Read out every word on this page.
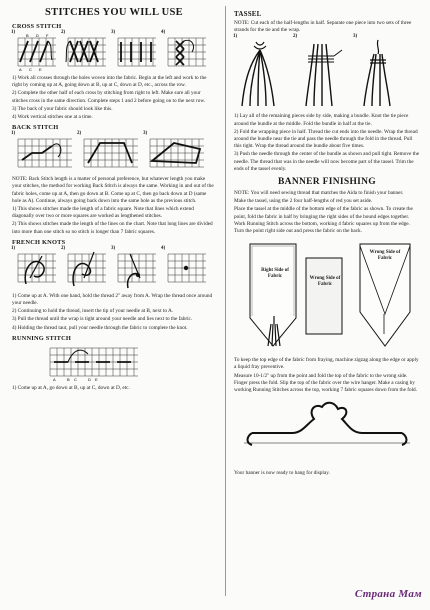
STITCHES YOU WILL USE
CROSS STITCH
1)
A C E
B D F
2)	3)	4)

1) Work all crosses through the holes woven into the fabric. Begin at the left and work to the right by coming up at A, going down at B, up at C, down at D, etc., across the row.

2) Complete the other half of each cross by stitching from right to left. Make sure all your stitches cross in the same direction. Complete steps 1 and 2 before going on to the next row.

3) The back of your fabric should look like this.

4) Work vertical stitches one at a time.

BACK STITCH
1)	2)	3)

NOTE: Back Stitch length is a matter of personal preference, but whatever length you make your stitches, the method for working Back Stitch is always the same. Working in and out of the fabric holes, come up at A, then go down at B. Come up at C, then go back down at D (same hole as A). Continue, always going back down into the same hole as the previous stitch.

1) This shows stitches made the length of a fabric square. Note that lines which extend diagonally over two or more squares are worked as lengthened stitches.

2) This shows stitches made the length of the lines on the chart. Note that long lines are divided into more than one stitch so no stitch is longer than 7 fabric squares.

FRENCH KNOTS
1)	2)	3)	4)

1) Come up at A. With one hand, hold the thread 2" away from A. Wrap the thread once around your needle.

2) Continuing to hold the thread, insert the tip of your needle at B, next to A.

3) Pull the thread until the wrap is tight around your needle and lies next to the fabric.

4) Holding the thread taut, pull your needle through the fabric to complete the knot.

RUNNING STITCH
A	B C	D E

1) Come up at A, go down at B, up at C, down at D, etc.

TASSEL

NOTE: Cut each of the half-lengths in half. Separate one piece into two sets of three strands for the tie and the wrap.

1)	2)	3)

1) Lay all of the remaining pieces side by side, making a bundle. Knot the tie piece around the bundle at the middle. Fold the bundle in half at the tie.

2) Fold the wrapping piece in half. Thread the cut ends into the needle. Wrap the thread around the bundle near the tie and pass the needle through the fold in the thread. Pull this tight. Wrap the thread around the bundle about five times.

3) Push the needle through the center of the bundle as shown and pull tight. Remove the needle. The thread that was in the needle will now become part of the tassel. Trim the ends of the tassel evenly.

BANNER FINISHING

NOTE: You will need sewing thread that matches the Aida to finish your banner.

Make the tassel, using the 2 four half-lengths of red you set aside.

Place the tassel at the middle of the bottom edge of the fabric as shown. To create the point, fold the fabric in half by bringing the right sides of the bound edges together. Work Running Stitch across the bottom, working 4 fabric squares up from the edge. Turn the point right side out and press the fabric on the back.

Right Side of Fabric	Wrong Side of Fabric
Wrong Side of Fabric

To keep the top edge of the fabric from fraying, machine zigzag along the edge or apply a liquid fray preventive.

Measure 10-1/2" up from the point and fold the top of the fabric to the wrong side. Finger press the fold. Slip the top of the fabric over the wire hanger. Make a casing by working Running Stitches across the top, working 7 fabric squares down from the fold.

Your banner is now ready to hang for display.

Страна Мам
